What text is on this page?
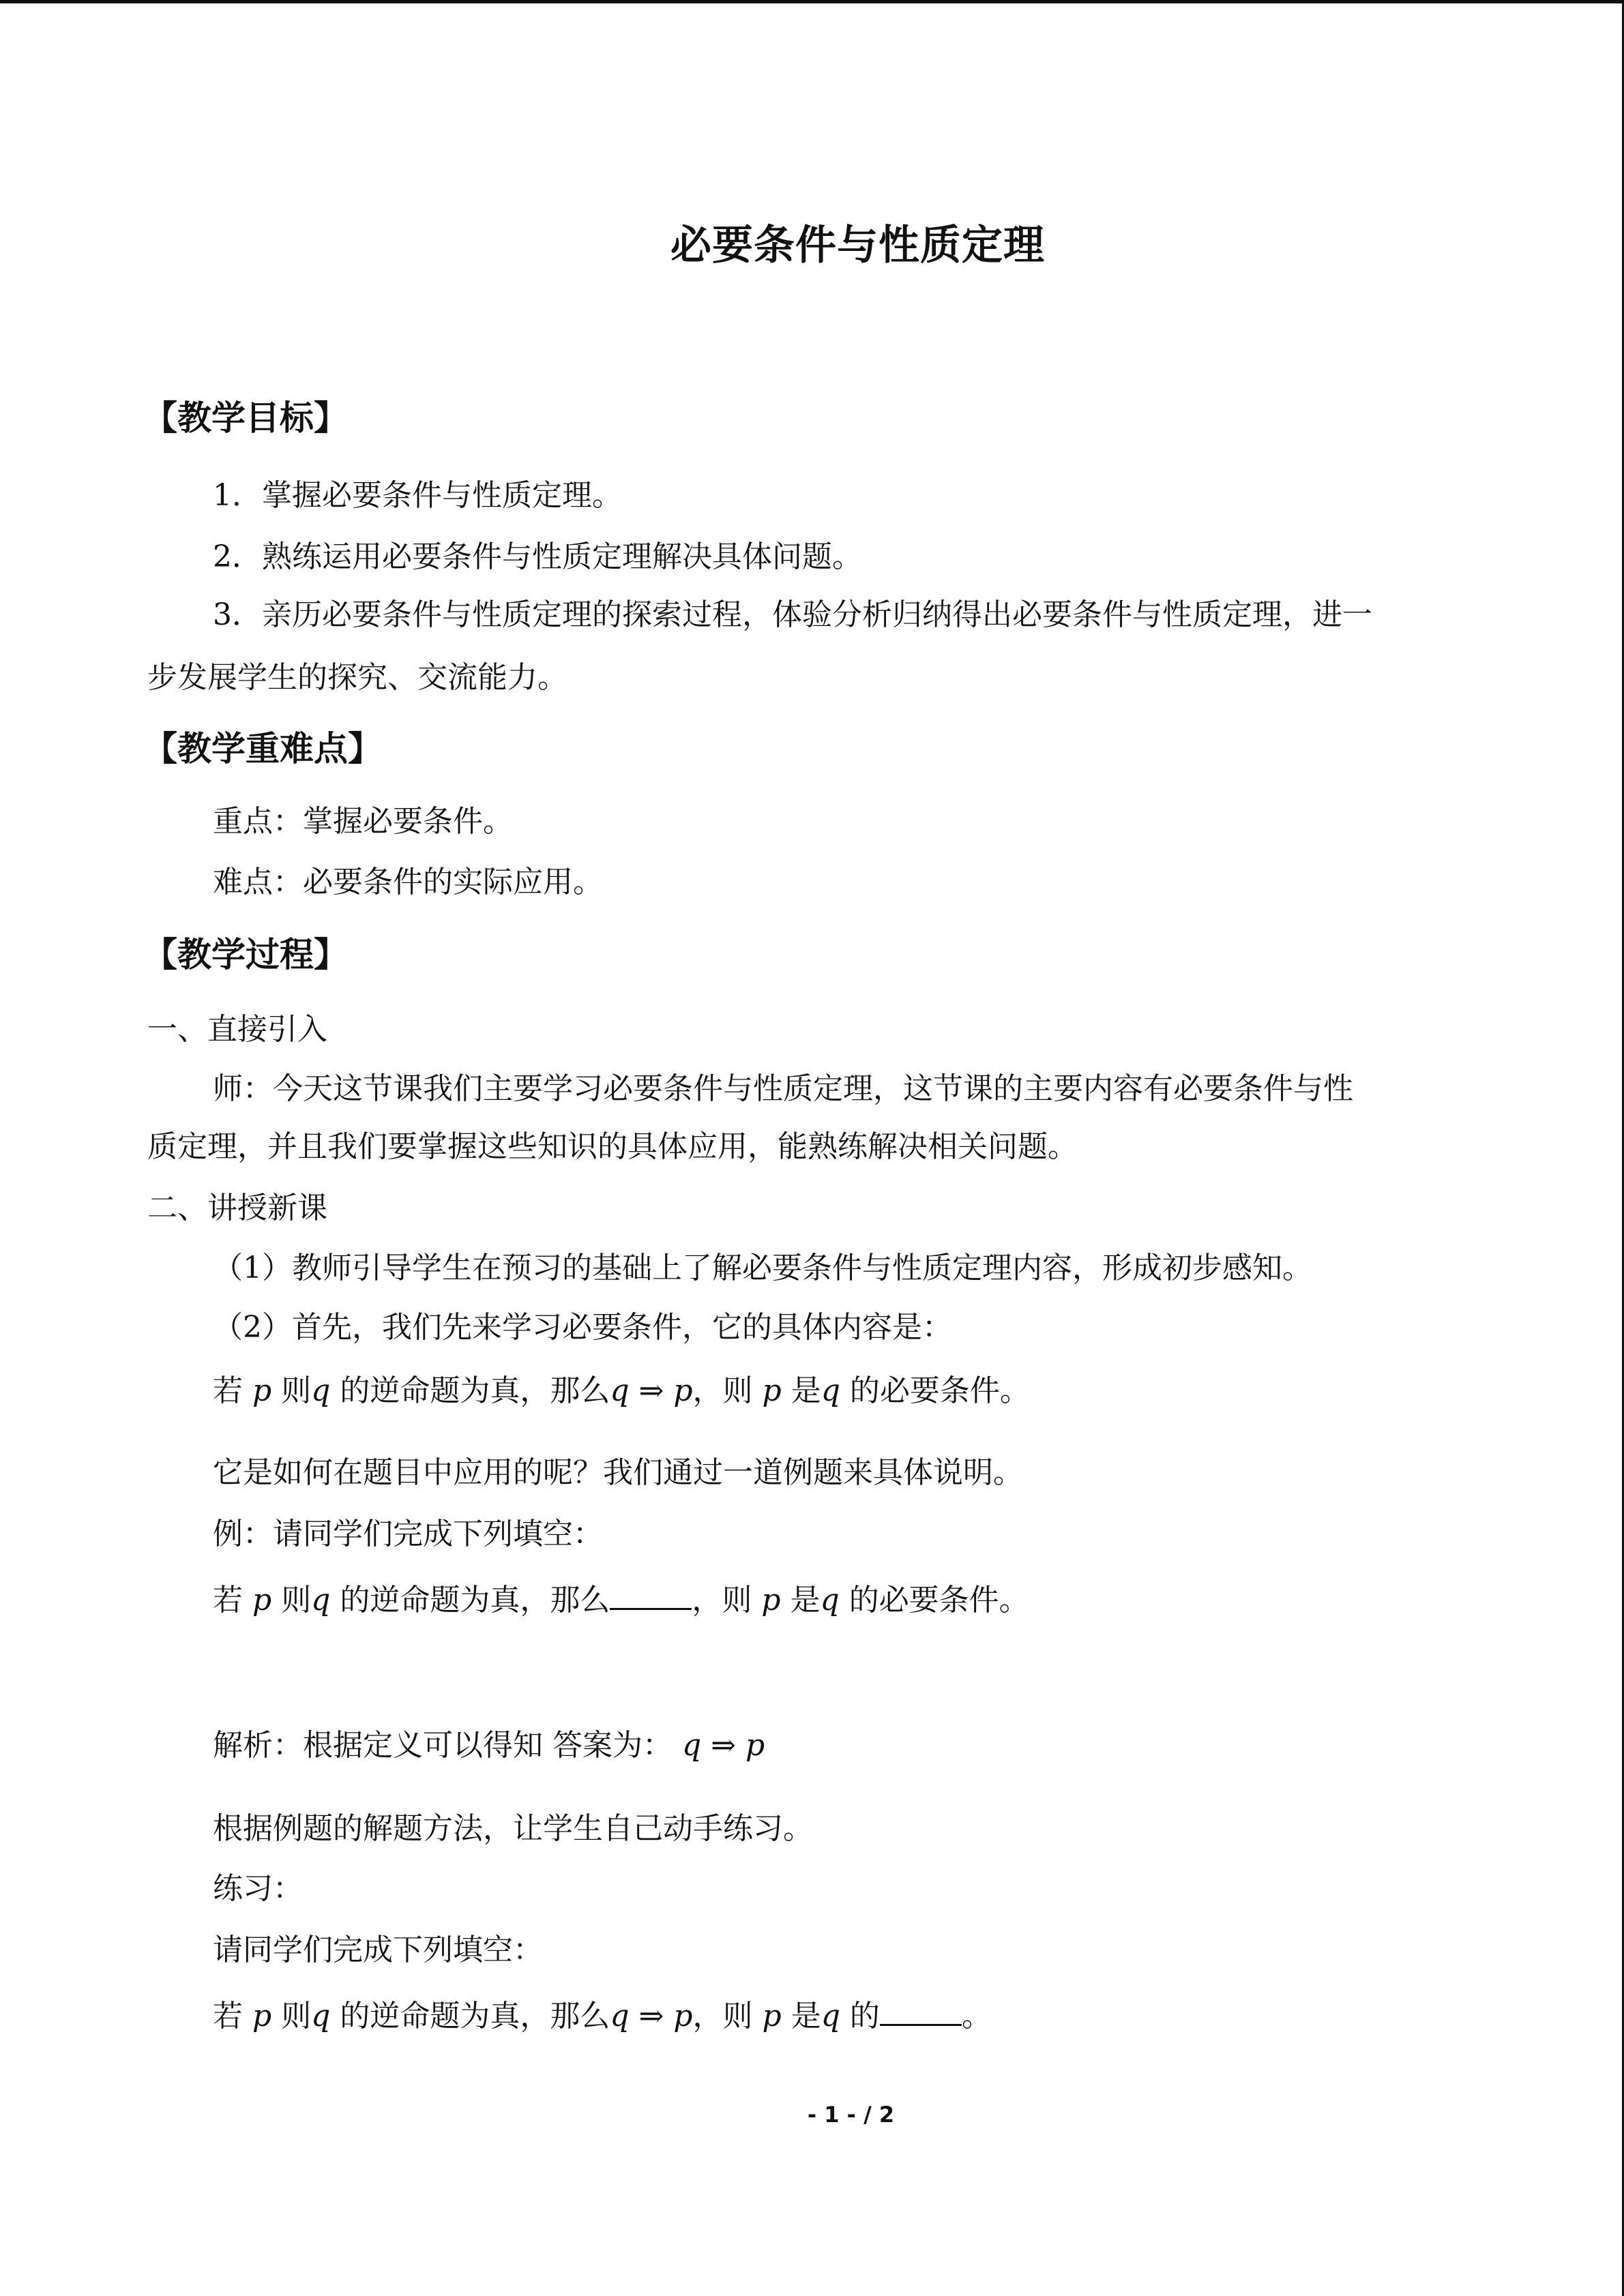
必要条件与性质定理
【教学目标】
1．掌握必要条件与性质定理。
2．熟练运用必要条件与性质定理解决具体问题。
3．亲历必要条件与性质定理的探索过程，体验分析归纳得出必要条件与性质定理，进一
步发展学生的探究、交流能力。
【教学重难点】
重点：掌握必要条件。
难点：必要条件的实际应用。
【教学过程】
一、直接引入
师：今天这节课我们主要学习必要条件与性质定理，这节课的主要内容有必要条件与性
质定理，并且我们要掌握这些知识的具体应用，能熟练解决相关问题。
二、讲授新课
（1）教师引导学生在预习的基础上了解必要条件与性质定理内容，形成初步感知。
（2）首先，我们先来学习必要条件，它的具体内容是：
若 p 则q 的逆命题为真，那么q ⇒ p，则 p 是q 的必要条件。
它是如何在题目中应用的呢？我们通过一道例题来具体说明。
例：请同学们完成下列填空：
若 p 则q 的逆命题为真，那么	，则 p 是q 的必要条件。
解析：根据定义可以得知 答案为： q ⇒ p
根据例题的解题方法，让学生自己动手练习。
练习：
请同学们完成下列填空：
若 p 则q 的逆命题为真，那么q ⇒ p，则 p 是q 的	。
- 1 - / 2
